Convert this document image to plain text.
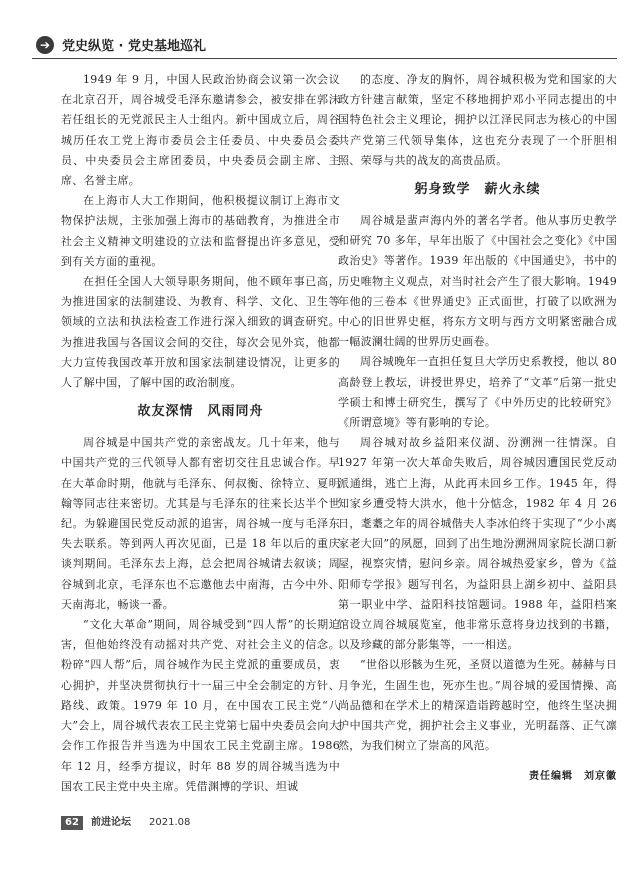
➔ 党史纵览 · 党史基地巡礼

1949 年 9 月，中国人民政治协商会议第一次会议在北京召开，周谷城受毛泽东邀请参会，被安排在郭沫若任组长的无党派民主人士组内。新中国成立后，周谷城历任农工党上海市委员会主任委员、中央委员会委员、中央委员会主席团委员，中央委员会副主席、主席、名誉主席。

在上海市人大工作期间，他积极提议制订上海市文物保护法规，主张加强上海市的基础教育，为推进全市社会主义精神文明建设的立法和监督提出许多意见，受到有关方面的重视。

在担任全国人大领导职务期间，他不顾年事已高，为推进国家的法制建设、为教育、科学、文化、卫生等领域的立法和执法检查工作进行深入细致的调查研究。为推进我国与各国议会间的交往，每次会见外宾，他都大力宣传我国改革开放和国家法制建设情况，让更多的人了解中国，了解中国的政治制度。

故友深情　风雨同舟

周谷城是中国共产党的亲密战友。几十年来，他与中国共产党的三代领导人都有密切交往且忠诚合作。早在大革命时期，他就与毛泽东、何叔衡、徐特立、夏明翰等同志往来密切。尤其是与毛泽东的往来长达半个世纪。为躲避国民党反动派的追害，周谷城一度与毛泽东失去联系。等到两人再次见面，已是 18 年以后的重庆谈判期间。毛泽东去上海，总会把周谷城请去叙谈；周谷城到北京，毛泽东也不忘邀他去中南海，古今中外、天南海北，畅谈一番。

“文化大革命”期间，周谷城受到“四人帮”的长期迫害，但他始终没有动摇对共产党、对社会主义的信念。粉碎“四人帮”后，周谷城作为民主党派的重要成员，衷心拥护，并坚决贯彻执行十一届三中全会制定的方针、路线、政策。1979 年 10 月，在中国农工民主党“八大”会上，周谷城代表农工民主党第七届中央委员会向大会作工作报告并当选为中国农工民主党副主席。1986 年 12 月，经季方提议，时年 88 岁的周谷城当选为中国农工民主党中央主席。凭借渊博的学识、坦诚

的态度、净友的胸怀，周谷城积极为党和国家的大政方针建言献策，坚定不移地拥护邓小平同志提出的中国特色社会主义理论，拥护以江泽民同志为核心的中国共产党第三代领导集体，这也充分表现了一个肝胆相照、荣辱与共的战友的高贵品质。

躬身致学　薪火永续

周谷城是蜚声海内外的著名学者。他从事历史教学和研究 70 多年，早年出版了《中国社会之变化》《中国政治史》等著作。1939 年出版的《中国通史》，书中的历史唯物主义观点，对当时社会产生了很大影响。1949 年他的三卷本《世界通史》正式面世，打破了以欧洲为中心的旧世界史框，将东方文明与西方文明紧密融合成一幅波澜壮阔的世界历史画卷。

周谷城晚年一直担任复旦大学历史系教授，他以 80 高龄登上教坛，讲授世界史，培养了“文革”后第一批史学硕士和博士研究生，撰写了《中外历史的比较研究》《所谓意境》等有影响的专论。

周谷城对故乡益阳来仪湖、汾溯洲一往情深。自 1927 年第一次大革命失败后，周谷城因遭国民党反动派通缉，逃亡上海，从此再未回乡工作。1945 年，得知家乡遭受特大洪水，他十分惦念，1982 年 4 月 26 日，耄耋之年的周谷城偕夫人李冰伯终于实现了“少小离家老大回”的夙愿，回到了出生地汾溯洲周家院长湖口新屋，视察灾情，慰问乡亲。周谷城热爱家乡，曾为《益阳师专学报》题写刊名，为益阳县上湖乡初中、益阳县第一职业中学、益阳科技馆题词。1988 年，益阳档案馆设立周谷城展览室，他非常乐意将身边找到的书籍，以及珍藏的部分影集等，一一相送。

“世俗以形骸为生死，圣贤以道德为生死。赫赫与日月争光，生固生也，死亦生也。”周谷城的爱国情操、高尚品德和在学术上的精深造诣跨越时空，他终生坚决拥护中国共产党，拥护社会主义事业，光明磊落、正气凛然，为我们树立了崇高的风范。

责任编辑　刘京徽
62	前进论坛 2021.08
